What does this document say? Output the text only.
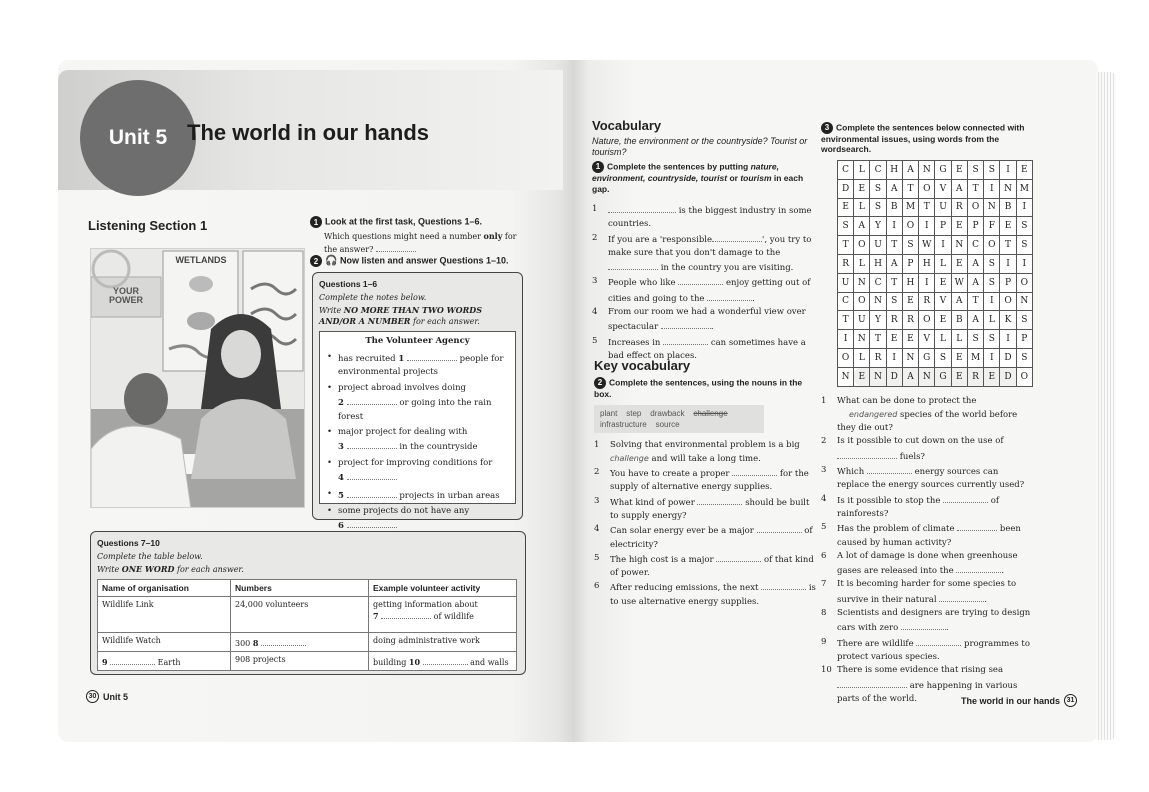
Unit 5 The world in our hands
Listening Section 1
WETLANDS
YOUR POWER
1 Look at the first task, Questions 1–6.
Which questions might need a number only for the answer?
2 🎧 Now listen and answer Questions 1–10.
Questions 1–6
Complete the notes below.
Write NO MORE THAN TWO WORDS AND/OR A NUMBER for each answer.
The Volunteer Agency
• has recruited 1	people for environmental projects
• project abroad involves doing
2	or going into the rain forest
• major project for dealing with
3	in the countryside
• project for improving conditions for
4
• 5	projects in urban areas
• some projects do not have any
6
Questions 7–10
Complete the table below.
Write ONE WORD for each answer.
Name of organisation	Numbers	Example volunteer activity
Wildlife Link	24,000 volunteers	getting information about
7 of wildlife
Wildlife Watch	300 8	doing administrative work
9 Earth	908 projects	building 10 and walls
30 Unit 5
Vocabulary
Nature, the environment or the countryside? Tourist or tourism?
1 Complete the sentences by putting nature, environment, countryside, tourist or tourism in each gap.
1	is the biggest industry in some countries.
2 If you are a 'responsible	', you try to make sure that you don't damage to the  in the country you are visiting.
3 People who like	enjoy getting out of cities and going to the	.
4 From our room we had a wonderful view over spectacular	.
5 Increases in	can sometimes have a bad effect on places.
Key vocabulary
2 Complete the sentences, using the nouns in the box.
plant step drawback challenge
infrastructure source
1 Solving that environmental problem is a big challenge and will take a long time.
2 You have to create a proper	for the supply of alternative energy supplies.
3 What kind of power	should be built to supply energy?
4 Can solar energy ever be a major	of electricity?
5 The high cost is a major	of that kind of power.
6 After reducing emissions, the next	is to use alternative energy supplies.
3 Complete the sentences below connected with environmental issues, using words from the wordsearch.
C	L	C	H	A	N	G	E	S	S	I	E
D	E	S	A	T	O	V	A	T	I	N	M
E	L	S	B	M	T	U	R	O	N	B	I
S	A	Y	I	O	I	P	E	P	F	E	S
T	O	U	T	S	W	I	N	C	O	T	S
R	L	H	A	P	H	L	E	A	S	I	I
U	N	C	T	H	I	E	W	A	S	P	O
C	O	N	S	E	R	V	A	T	I	O	N
T	U	Y	R	R	O	E	B	A	L	K	S
I	N	T	E	E	V	L	L	S	S	I	P
O	L	R	I	N	G	S	E	M	I	D	S
N	E	N	D	A	N	G	E	R	E	D	O
1 What can be done to protect the
endangered species of the world before they die out?
2 Is it possible to cut down on the use of
fuels?
3 Which	energy sources can replace the energy sources currently used?
4 Is it possible to stop the	of rainforests?
5 Has the problem of climate	been caused by human activity?
6 A lot of damage is done when greenhouse gases are released into the	.
7 It is becoming harder for some species to survive in their natural	.
8 Scientists and designers are trying to design cars with zero	.
9 There are wildlife	programmes to protect various species.
10 There is some evidence that rising sea  are happening in various parts of the world.	The world in our hands 31
